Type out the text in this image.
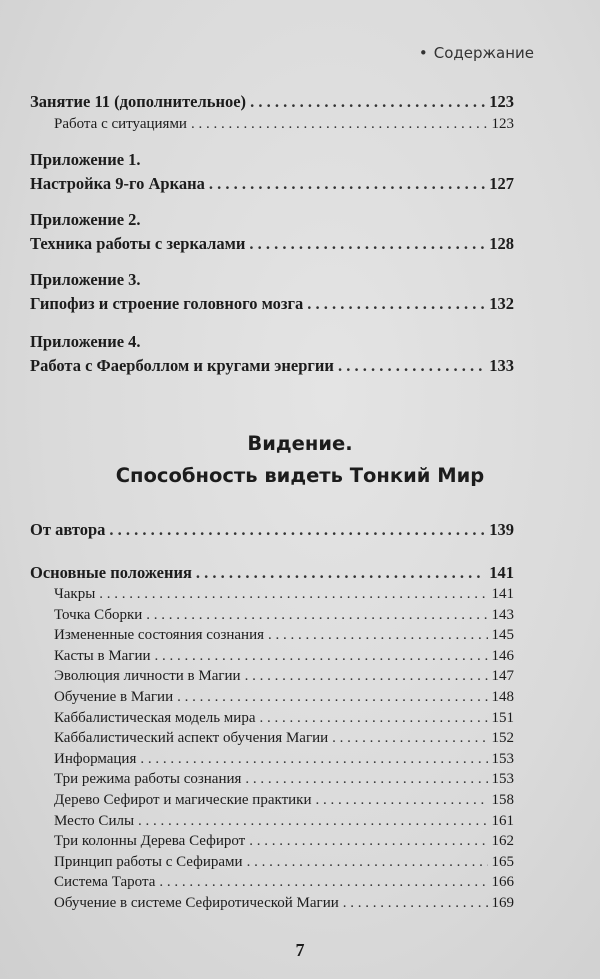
• Содержание
Занятие 11 (дополнительное) . . .	123
Работа с ситуациями . . .	123
Приложение 1.
Настройка 9-го Аркана . . .	127
Приложение 2.
Техника работы с зеркалами . . .	128
Приложение 3.
Гипофиз и строение головного мозга . . .	132
Приложение 4.
Работа с Фаерболлом и кругами энергии . . .	133
От автора . . .	139
Основные положения . . .	141
Чакры . . .	141
Точка Сборки . . .	143
Измененные состояния сознания . . .	145
Касты в Магии . . .	146
Эволюция личности в Магии . . .	147
Обучение в Магии . . .	148
Каббалистическая модель мира . . .	151
Каббалистический аспект обучения Магии . . .	152
Информация . . .	153
Три режима работы сознания . . .	153
Дерево Сефирот и магические практики . . .	158
Место Силы . . .	161
Три колонны Дерева Сефирот . . .	162
Принцип работы с Сефирами . . .	165
Система Тарота . . .	166
Обучение в системе Сефиротической Магии . . .	169
Видение.
Способность видеть Тонкий Мир
7
